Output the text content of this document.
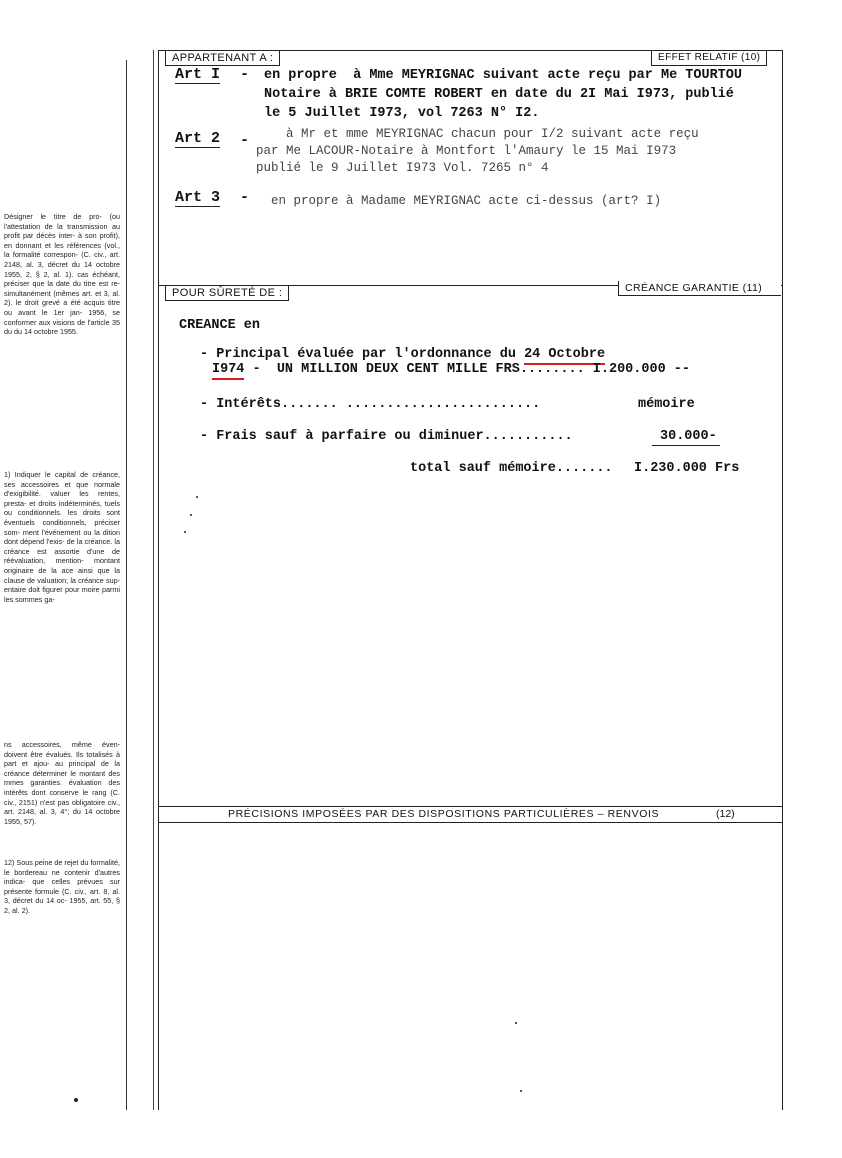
Désigner le titre de pro- (ou l'attestation de la transmission au profit par décès inter- à son profit), en donnant et les références (vol., la formalité correspon- (C. civ., art. 2148, al. 3, décret du 14 octobre 1955, 2, § 2, al. 1). cas échéant, préciser que la date du titre est re- simultanément (mêmes art. et 3, al. 2). le droit grevé a été acquis titre ou avant le 1er jan- 1956, se conformer aux visions de l'article 35 du du 14 octobre 1955.
1) Indiquer le capital de créance, ses accessoires et que normale d'exigibilité. valuer les rentes, presta- et droits indéterminés, tuels ou conditionnels. les droits sont éventuels conditionnels, préciser som- ment l'événement ou la dition dont dépend l'exis- de la créance. la créance est assortie d'une de réévaluation, mention- montant originaire de la ace ainsi que la clause de valuation; la créance sup- entaire doit figurer pour moire parmi les sommes ga-
ns accessoires, même éven- doivent être évalués. Ils totalisés à part et ajou- au principal de la créance déterminer le montant des mmes garanties. évaluation des intérêts dont conserve le rang (C. civ., 2151) n'est pas obligatoire civ., art. 2148, al. 3, 4°; du 14 octobre 1955, 57).
12) Sous peine de rejet du formalité, le bordereau ne contenir d'autres indica- que celles prévues sur présente formule (C. civ., art. 8, al. 3, décret du 14 oc- 1955, art. 55, § 2, al. 2).
APPARTENANT A :	EFFET RELATIF (10)
Art I - en propre  à Mme MEYRIGNAC suivant acte reçu par Me TOURTOU
Notaire à BRIE COMTE ROBERT en date du 2I Mai I973, publié
le 5 Juillet I973, vol 7263 N° I2.
Art 2 - à Mr et mme MEYRIGNAC chacun pour I/2 suivant acte reçu
par Me LACOUR-Notaire à Montfort l'Amaury le 15 Mai I973
publié le 9 Juillet I973 Vol. 7265 n° 4
Art 3 - en propre à Madame MEYRIGNAC acte ci-dessus (art? I)
POUR SÛRETÉ DE :	CRÉANCE GARANTIE (11)
CREANCE en
- Principal évaluée par l'ordonnance du 24 Octobre
I974 -  UN MILLION DEUX CENT MILLE FRS........ I.200.000 --
- Intérêts....... ........................	mémoire
- Frais sauf à parfaire ou diminuer...........	30.000-
total sauf mémoire....... I.230.000 Frs
PRÉCISIONS IMPOSÉES PAR DES DISPOSITIONS PARTICULIÈRES – RENVOIS	(12)
